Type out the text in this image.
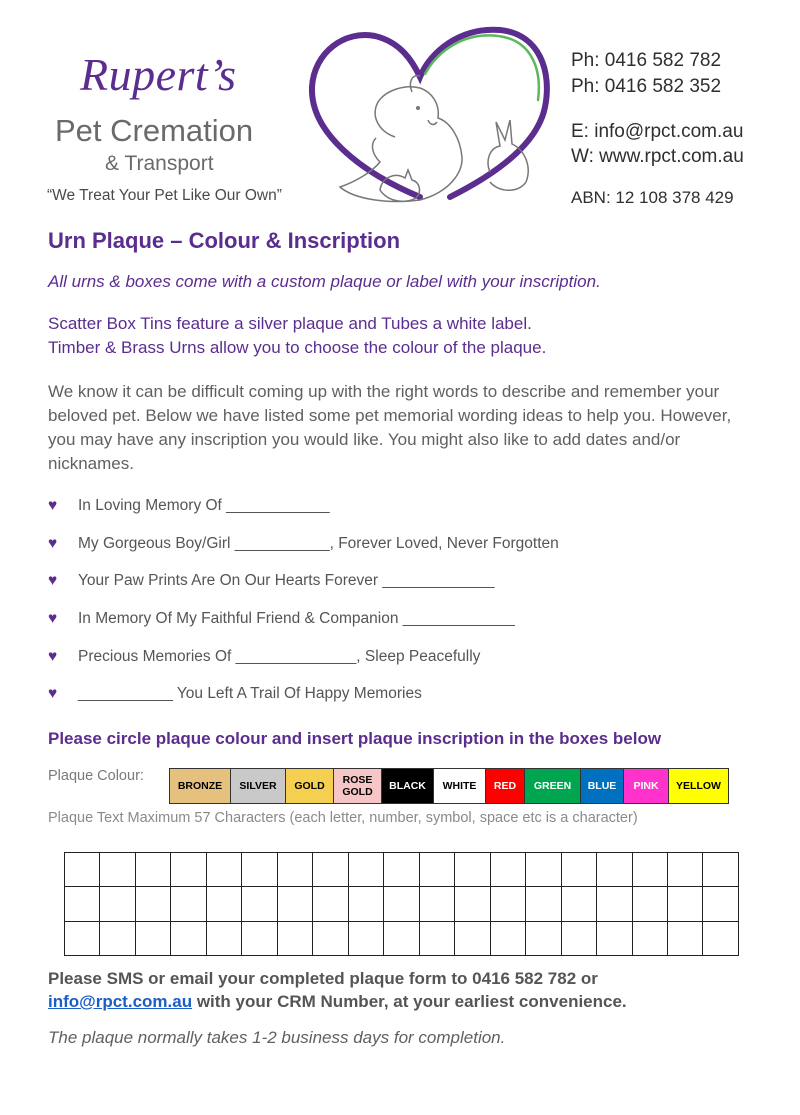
Rupert’s
Pet Cremation
& Transport
“We Treat Your Pet Like Our Own”
Ph: 0416 582 782
Ph: 0416 582 352
E: info@rpct.com.au
W: www.rpct.com.au
ABN: 12 108 378 429
Urn Plaque – Colour & Inscription
All urns & boxes come with a custom plaque or label with your inscription.
Scatter Box Tins feature a silver plaque and Tubes a white label.
Timber & Brass Urns allow you to choose the colour of the plaque.
We know it can be difficult coming up with the right words to describe and remember your beloved pet. Below we have listed some pet memorial wording ideas to help you. However, you may have any inscription you would like. You might also like to add dates and/or nicknames.
♥ In Loving Memory Of ____________
♥ My Gorgeous Boy/Girl ___________, Forever Loved, Never Forgotten
♥ Your Paw Prints Are On Our Hearts Forever _____________
♥ In Memory Of My Faithful Friend & Companion _____________
♥ Precious Memories Of ______________, Sleep Peacefully
♥ ___________ You Left A Trail Of Happy Memories
Please circle plaque colour and insert plaque inscription in the boxes below
Plaque Colour:
BRONZE	SILVER	GOLD	ROSE
GOLD	BLACK	WHITE	RED	GREEN	BLUE	PINK	YELLOW
Plaque Text Maximum 57 Characters (each letter, number, symbol, space etc is a character)

Please SMS or email your completed plaque form to 0416 582 782 or
info@rpct.com.au with your CRM Number, at your earliest convenience.
The plaque normally takes 1-2 business days for completion.
